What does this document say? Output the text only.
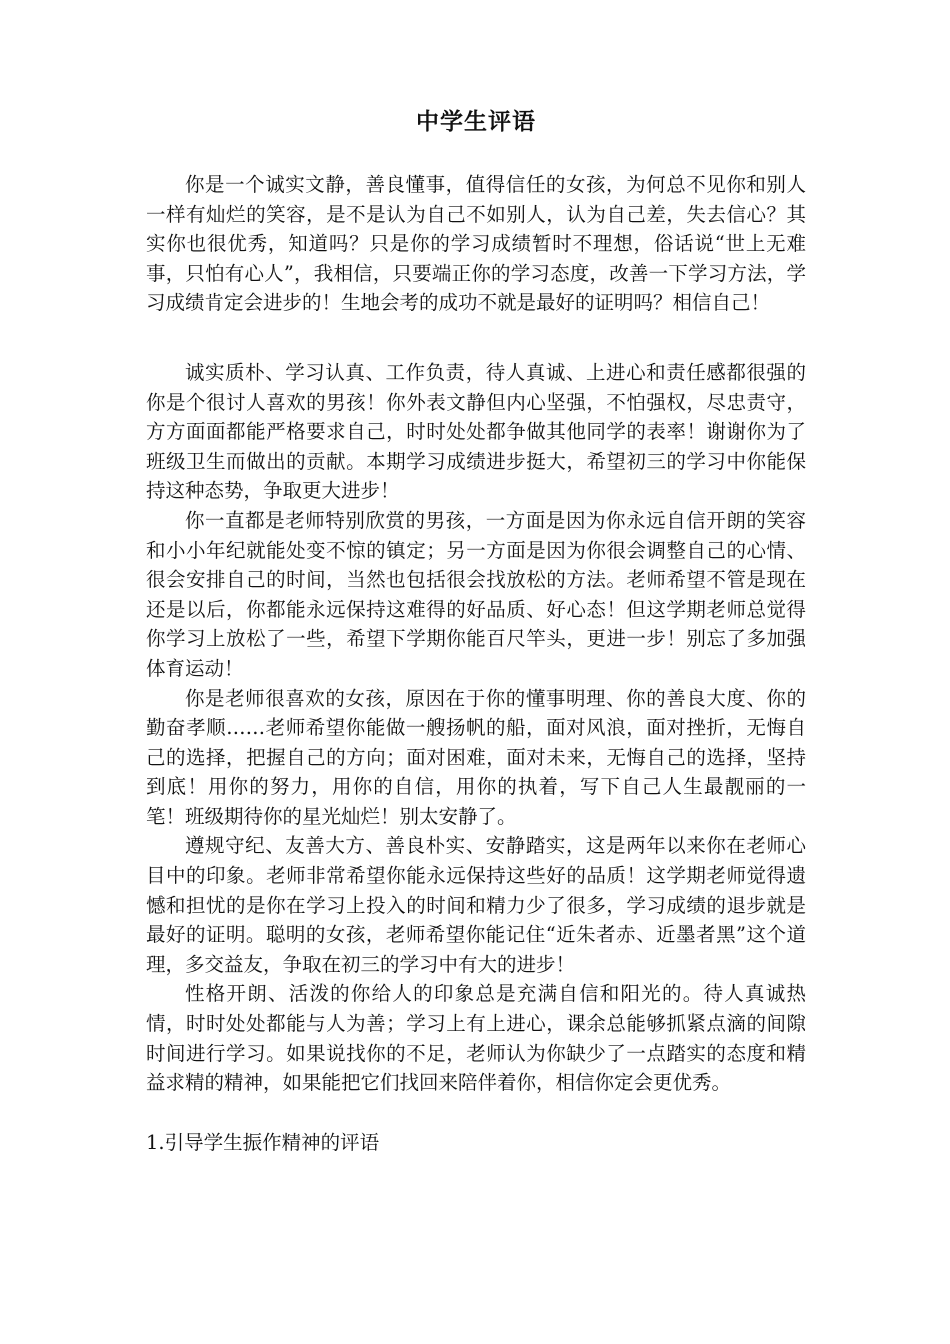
中学生评语

你是一个诚实文静，善良懂事，值得信任的女孩，为何总不见你和别人一样有灿烂的笑容，是不是认为自己不如别人，认为自己差，失去信心？其实你也很优秀，知道吗？只是你的学习成绩暂时不理想，俗话说“世上无难事，只怕有心人”，我相信，只要端正你的学习态度，改善一下学习方法，学习成绩肯定会进步的！生地会考的成功不就是最好的证明吗？相信自己！

诚实质朴、学习认真、工作负责，待人真诚、上进心和责任感都很强的你是个很讨人喜欢的男孩！你外表文静但内心坚强，不怕强权，尽忠责守，方方面面都能严格要求自己，时时处处都争做其他同学的表率！谢谢你为了班级卫生而做出的贡献。本期学习成绩进步挺大，希望初三的学习中你能保持这种态势，争取更大进步！

你一直都是老师特别欣赏的男孩，一方面是因为你永远自信开朗的笑容和小小年纪就能处变不惊的镇定；另一方面是因为你很会调整自己的心情、很会安排自己的时间，当然也包括很会找放松的方法。老师希望不管是现在还是以后，你都能永远保持这难得的好品质、好心态！但这学期老师总觉得你学习上放松了一些，希望下学期你能百尺竿头，更进一步！别忘了多加强体育运动！

你是老师很喜欢的女孩，原因在于你的懂事明理、你的善良大度、你的勤奋孝顺……老师希望你能做一艘扬帆的船，面对风浪，面对挫折，无悔自己的选择，把握自己的方向；面对困难，面对未来，无悔自己的选择，坚持到底！用你的努力，用你的自信，用你的执着，写下自己人生最靓丽的一笔！班级期待你的星光灿烂！别太安静了。

遵规守纪、友善大方、善良朴实、安静踏实，这是两年以来你在老师心目中的印象。老师非常希望你能永远保持这些好的品质！这学期老师觉得遗憾和担忧的是你在学习上投入的时间和精力少了很多，学习成绩的退步就是最好的证明。聪明的女孩，老师希望你能记住“近朱者赤、近墨者黑”这个道理，多交益友，争取在初三的学习中有大的进步！

性格开朗、活泼的你给人的印象总是充满自信和阳光的。待人真诚热情，时时处处都能与人为善；学习上有上进心，课余总能够抓紧点滴的间隙时间进行学习。如果说找你的不足，老师认为你缺少了一点踏实的态度和精益求精的精神，如果能把它们找回来陪伴着你，相信你定会更优秀。

1.引导学生振作精神的评语
